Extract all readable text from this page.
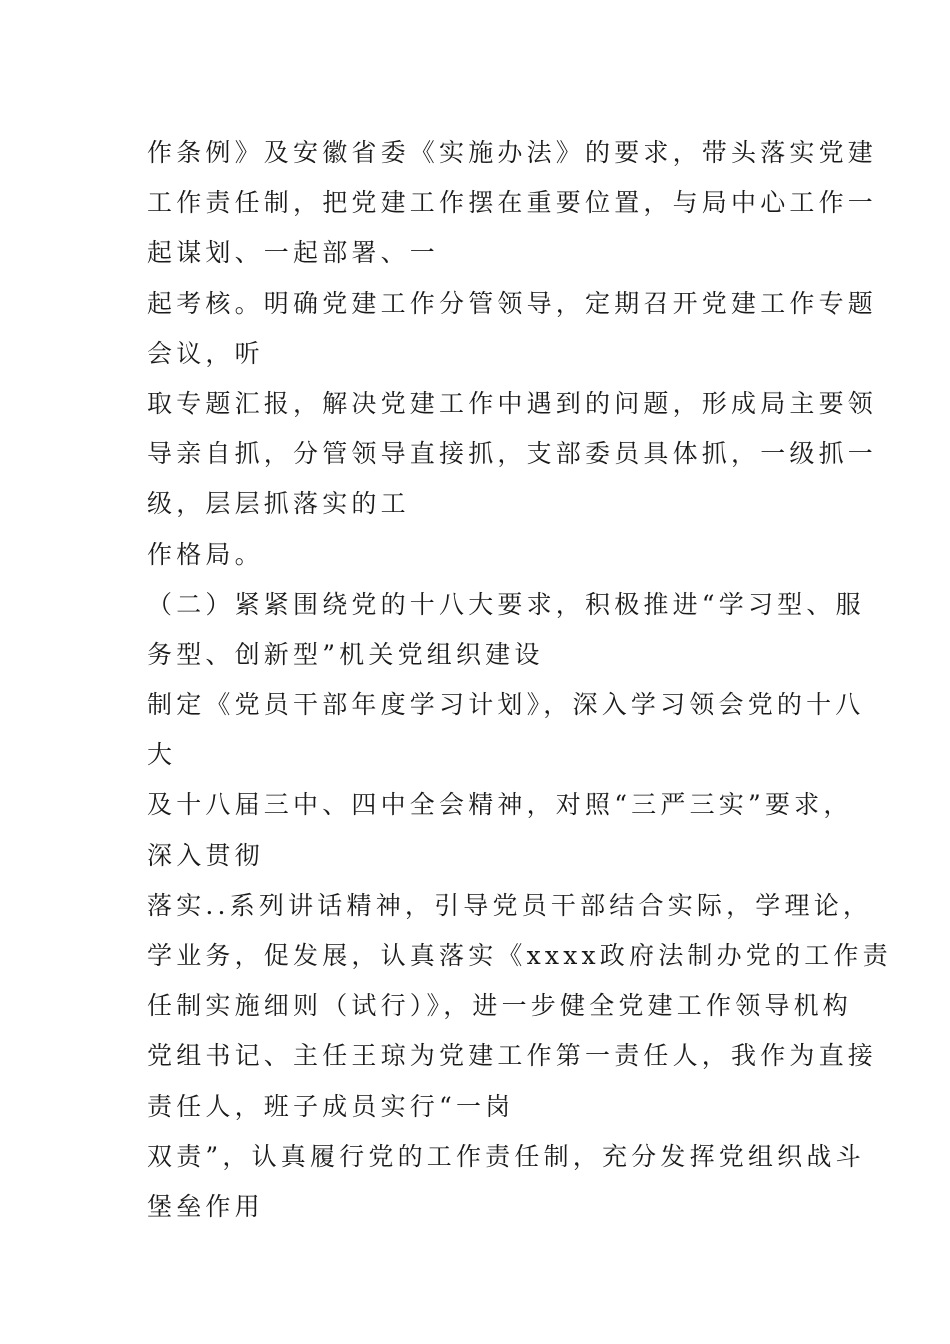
作条例》及安徽省委《实施办法》的要求，带头落实党建
工作责任制，把党建工作摆在重要位置，与局中心工作一
起谋划、一起部署、一
起考核。明确党建工作分管领导，定期召开党建工作专题
会议，听
取专题汇报，解决党建工作中遇到的问题，形成局主要领
导亲自抓，分管领导直接抓，支部委员具体抓，一级抓一
级，层层抓落实的工
作格局。
（二）紧紧围绕党的十八大要求，积极推进“学习型、服
务型、创新型”机关党组织建设
制定《党员干部年度学习计划》，深入学习领会党的十八
大
及十八届三中、四中全会精神，对照“三严三实”要求，
深入贯彻
落实..系列讲话精神，引导党员干部结合实际，学理论，
学业务，促发展，认真落实《xxxx政府法制办党的工作责
任制实施细则（试行）》，进一步健全党建工作领导机构
党组书记、主任王琼为党建工作第一责任人，我作为直接
责任人，班子成员实行“一岗
双责”，认真履行党的工作责任制，充分发挥党组织战斗
堡垒作用
